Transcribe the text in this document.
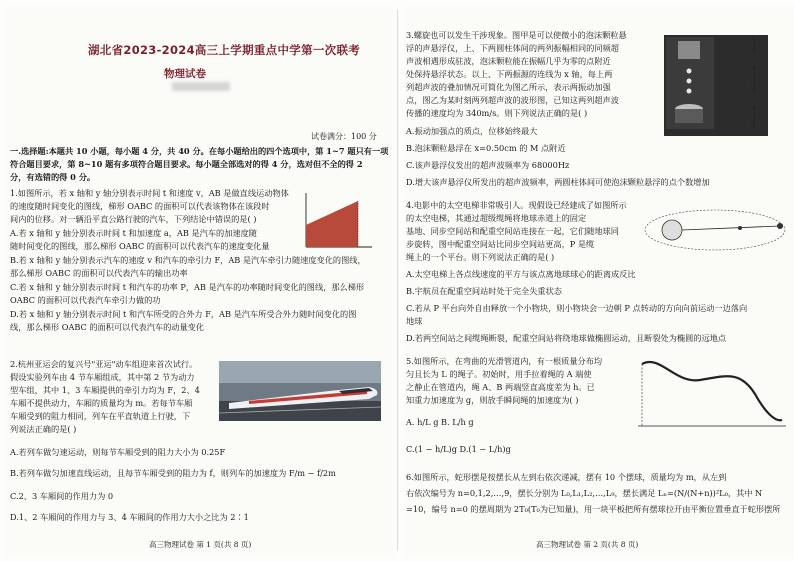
湖北省2023-2024高三上学期重点中学第一次联考
物理试卷
试卷满分：100 分
一.选择题:本题共 10 小题，每小题 4 分，共 40 分。在每小题给出的四个选项中，第 1~7 题只有一项
符合题目要求，第 8~10 题有多项符合题目要求。每小题全部选对的得 4 分，选对但不全的得 2
分，有选错的得 0 分。
1.如图所示，若 x 轴和 y 轴分别表示时间 t 和速度 v，AB 是做直线运动物体
的速度随时间变化的图线，梯形 OABC 的面积可以代表该物体在该段时
间内的位移。对一辆沿平直公路行驶的汽车，下列结论中错误的是( )
A.若 x 轴和 y 轴分别表示时间 t 和加速度 a，AB 是汽车的加速度随
随时间变化的图线，那么梯形 OABC 的面积可以代表汽车的速度变化量
B.若 x 轴和 y 轴分别表示汽车的速度 v 和汽车的牵引力 F，AB 是汽车牵引力随速度变化的图线，
那么梯形 OABC 的面积可以代表汽车的输出功率
C.若 x 轴和 y 轴分别表示时间 t 和汽车的功率 P，AB 是汽车的功率随时间变化的图线，那么梯形
OABC 的面积可以代表汽车牵引力做的功
D.若 x 轴和 y 轴分别表示时间 t 和汽车所受的合外力 F，AB 是汽车所受合外力随时间变化的图
线，那么梯形 OABC 的面积可以代表汽车的动量变化
2.杭州亚运会的复兴号"亚运"动车组迎来首次试行。
假设实验列车由 4 节车厢组成，其中第 2 节为动力
型车组，其中 1、3 车厢提供的牵引力均为 F，2、4
车厢不提供动力，车厢的质量均为 m。若每节车厢
车厢受到的阻力相同，列车在平直轨道上行驶，下
列说法正确的是( )
A.若列车做匀速运动，则每节车厢受到的阻力大小为 0.25F
B.若列车做匀加速直线运动，且每节车厢受到的阻力为 f，则列车的加速度为 F/m − f/2m
C.2、3 车厢间的作用力为 0
D.1、2 车厢间的作用力与 3、4 车厢间的作用力大小之比为 2∶1
高三物理试卷 第 1 页(共 8 页)
3.螺旋也可以发生干涉现象。图甲是可以使微小的泡沫颗粒悬
浮的声悬浮仪，上、下两圆柱体间的两列振幅相同的同频超
声波相遇形成驻波，泡沫颗粒能在振幅几乎为零的点附近
处保持悬浮状态。以上、下两振源的连线为 x 轴，每上两
列超声波的叠加情况可简化为图乙所示，表示两振动加强
点，图乙为某时刻两列超声波的波形图，已知这两列超声波
传播的速度均为 340m/s。则下列说法正确的是( )
A.振动加强点的质点，位移始终最大
B.泡沫颗粒悬浮在 x=0.50cm 的 M 点附近
C.该声悬浮仪发出的超声波频率为 68000Hz
D.增大该声悬浮仪所发出的超声波频率，两圆柱体间可使泡沫颗粒悬浮的点个数增加
4.电影中的太空电梯非常吸引人。现假设已经建成了如图所示
的太空电梯，其通过超级缆绳将地球赤道上的固定
基地、同步空间站和配重空间站连接在一起，它们随地球同
步旋转，图中配重空间站比同步空间站更高，P 是缆
绳上的一个平台。则下列说法正确的是( )
A.太空电梯上各点线速度的平方与该点离地球球心的距离成反比
B.宇航员在配重空间站时处于完全失重状态
C.若从 P 平台向外自由释放一个小物块，则小物块会一边朝 P 点转动的方向向前运动一边落向
地球
D.若两空间站之间缆绳断裂，配重空间站将绕地球做椭圆运动，且断裂处为椭圆的远地点
5.如图所示，在弯曲的光滑管道内，有一根质量分布均
匀且长为 L 的绳子。初始时，用手拉着绳的 A 端使
之静止在管道内，绳 A、B 两端竖直高度差为 h。已
知重力加速度为 g，则放手瞬间绳的加速度为( )
A. h/L g B. L/h g
C.(1 − h/L)g D.(1 − L/h)g
6.如图所示，蛇形摆是按摆长从左到右依次递减，摆有 10 个摆球，质量均为 m，从左到
右依次编号为 n=0,1,2,…,9，摆长分别为 L₀,L₁,L₂,…,L₉，摆长满足 Lₙ=(N/(N+n))²L₀，其中 N
=10，编号 n=0 的摆周期为 2T₀(T₀为已知量)，用一块平板把所有摆球拉开由平衡位置垂直于蛇形摆所
高三物理试卷 第 2 页(共 8 页)
